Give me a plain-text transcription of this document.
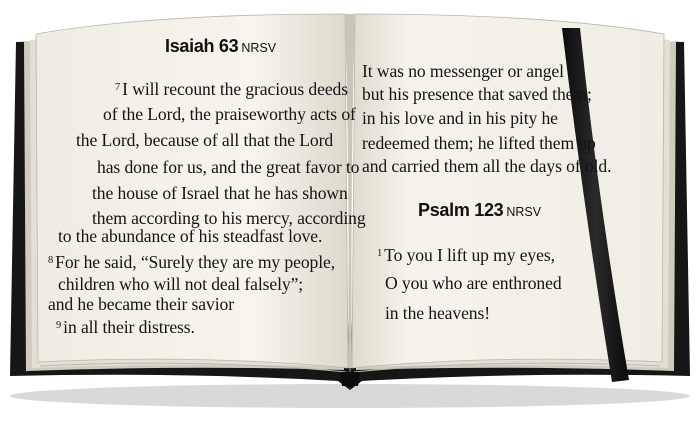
Isaiah 63 NRSV
$^7$ I will recount the gracious deeds
of the Lord, the praiseworthy acts of
the Lord, because of all that the Lord
has done for us, and the great favor to
the house of Israel that he has shown
them according to his mercy, according
to the abundance of his steadfast love.
$^8$ For he said, “Surely they are my people,
children who will not deal falsely”;
and he became their savior
$^9$ in all their distress.
It was no messenger or angel
but his presence that saved them;
in his love and in his pity he
redeemed them; he lifted them up
and carried them all the days of old.
Psalm 123 NRSV
$^1$ To you I lift up my eyes,
O you who are enthroned
in the heavens!
